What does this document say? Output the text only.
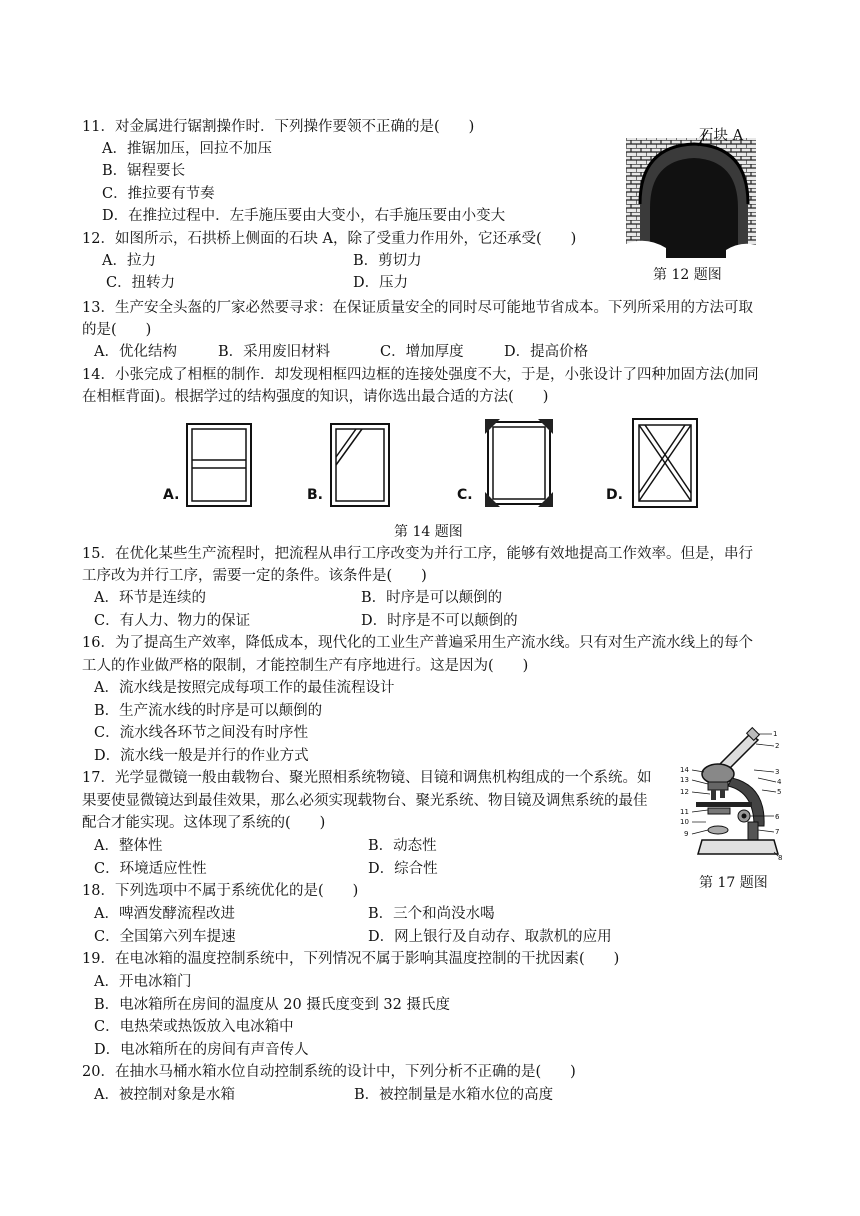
11．对金属进行锯割操作时．下列操作要领不正确的是(　　)
A．推锯加压，回拉不加压
B．锯程要长
C．推拉要有节奏
D．在推拉过程中．左手施压要由大变小，右手施压要由小变大
石块 A
12．如图所示，石拱桥上侧面的石块 A，除了受重力作用外，它还承受(　　)
A．拉力	B．剪切力
C．扭转力	D．压力	第 12 题图
13．生产安全头盔的厂家必然要寻求：在保证质量安全的同时尽可能地节省成本。下列所采用的方法可取
的是(　　)
A．优化结构	B．采用废旧材料	C．增加厚度	D．提高价格
14．小张完成了相框的制作．却发现相框四边框的连接处强度不大，于是，小张设计了四种加固方法(加同
在相框背面)。根据学过的结构强度的知识，请你选出最合适的方法(　　)
A.	B.	C.	D.
第 14 题图
15．在优化某些生产流程时，把流程从串行工序改变为并行工序，能够有效地提高工作效率。但是，串行
工序改为并行工序，需要一定的条件。该条件是(　　)
A．环节是连续的	B．时序是可以颠倒的
C．有人力、物力的保证	D．时序是不可以颠倒的
16．为了提高生产效率，降低成本，现代化的工业生产普遍采用生产流水线。只有对生产流水线上的每个
工人的作业做严格的限制，才能控制生产有序地进行。这是因为(　　)
A．流水线是按照完成每项工作的最佳流程设计
B．生产流水线的时序是可以颠倒的
C．流水线各环节之间没有时序性
D．流水线一般是并行的作业方式
1
2
3
4
5
6
7
8
9
10
11
12
13
14
17．光学显微镜一般由载物台、聚光照相系统物镜、目镜和调焦机构组成的一个系统。如
果要使显微镜达到最佳效果，那么必须实现载物台、聚光系统、物目镜及调焦系统的最佳
配合才能实现。这体现了系统的(　　)
A．整体性	B．动态性
C．环境适应性性	D．综合性
第 17 题图
18．下列选项中不属于系统优化的是(　　)
A．啤酒发酵流程改进	B．三个和尚没水喝
C．全国第六列车提速	D．网上银行及自动存、取款机的应用
19．在电冰箱的温度控制系统中，下列情况不属于影响其温度控制的干扰因素(　　)
A．开电冰箱门
B．电冰箱所在房间的温度从 20 摄氏度变到 32 摄氏度
C．电热荣或热饭放入电冰箱中
D．电冰箱所在的房间有声音传人
20．在抽水马桶水箱水位自动控制系统的设计中，下列分析不正确的是(　　)
A．被控制对象是水箱	B．被控制量是水箱水位的高度
